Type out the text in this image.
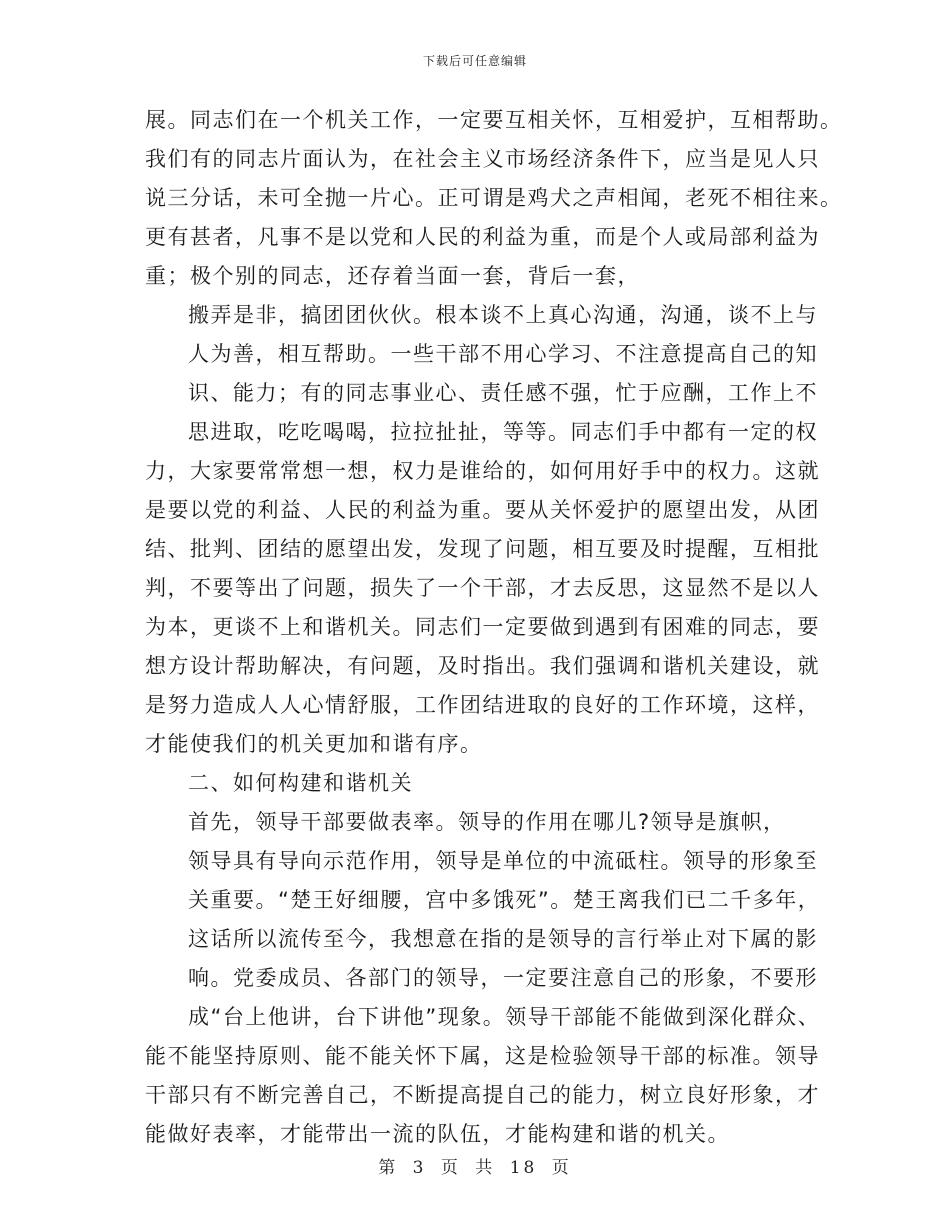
下载后可任意编辑
展。同志们在一个机关工作，一定要互相关怀，互相爱护，互相帮助。
我们有的同志片面认为，在社会主义市场经济条件下，应当是见人只
说三分话，未可全抛一片心。正可谓是鸡犬之声相闻，老死不相往来。
更有甚者，凡事不是以党和人民的利益为重，而是个人或局部利益为
重；极个别的同志，还存着当面一套，背后一套，
搬弄是非，搞团团伙伙。根本谈不上真心沟通，沟通，谈不上与
人为善，相互帮助。一些干部不用心学习、不注意提高自己的知
识、能力；有的同志事业心、责任感不强，忙于应酬，工作上不
思进取，吃吃喝喝，拉拉扯扯，等等。同志们手中都有一定的权
力，大家要常常想一想，权力是谁给的，如何用好手中的权力。这就
是要以党的利益、人民的利益为重。要从关怀爱护的愿望出发，从团
结、批判、团结的愿望出发，发现了问题，相互要及时提醒，互相批
判，不要等出了问题，损失了一个干部，才去反思，这显然不是以人
为本，更谈不上和谐机关。同志们一定要做到遇到有困难的同志，要
想方设计帮助解决，有问题，及时指出。我们强调和谐机关建设，就
是努力造成人人心情舒服，工作团结进取的良好的工作环境，这样，
才能使我们的机关更加和谐有序。
二、如何构建和谐机关
首先，领导干部要做表率。领导的作用在哪儿?领导是旗帜，
领导具有导向示范作用，领导是单位的中流砥柱。领导的形象至
关重要。“楚王好细腰，宫中多饿死”。楚王离我们已二千多年，
这话所以流传至今，我想意在指的是领导的言行举止对下属的影
响。党委成员、各部门的领导，一定要注意自己的形象，不要形
成“台上他讲，台下讲他”现象。领导干部能不能做到深化群众、
能不能坚持原则、能不能关怀下属，这是检验领导干部的标准。领导
干部只有不断完善自己，不断提高提自己的能力，树立良好形象，才
能做好表率，才能带出一流的队伍，才能构建和谐的机关。
第 3 页 共 18 页
